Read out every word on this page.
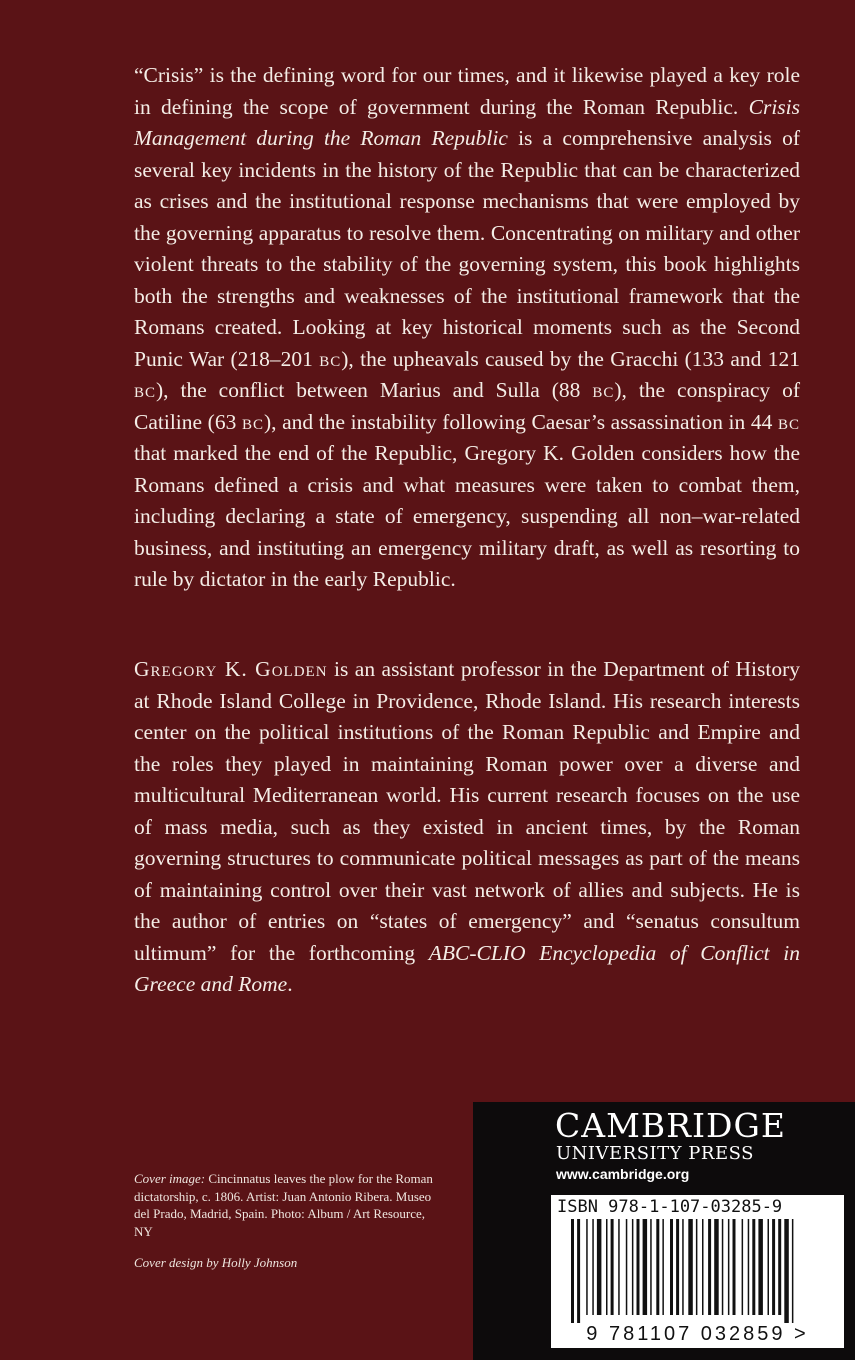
“Crisis” is the defining word for our times, and it likewise played a key role in defining the scope of government during the Roman Republic. Crisis Management during the Roman Republic is a comprehensive analysis of several key incidents in the history of the Republic that can be characterized as crises and the institutional response mechanisms that were employed by the governing apparatus to resolve them. Concentrating on military and other violent threats to the stability of the governing system, this book highlights both the strengths and weaknesses of the institutional framework that the Romans created. Looking at key historical moments such as the Second Punic War (218–201 bc), the upheavals caused by the Gracchi (133 and 121 bc), the conflict between Marius and Sulla (88 bc), the conspiracy of Catiline (63 bc), and the instability following Caesar’s assassination in 44 bc that marked the end of the Republic, Gregory K. Golden considers how the Romans defined a crisis and what measures were taken to combat them, including declaring a state of emergency, suspending all non–war-related business, and instituting an emergency military draft, as well as resorting to rule by dictator in the early Republic.

Gregory K. Golden is an assistant professor in the Department of History at Rhode Island College in Providence, Rhode Island. His research interests center on the political institutions of the Roman Republic and Empire and the roles they played in maintaining Roman power over a diverse and multicultural Mediterranean world. His current research focuses on the use of mass media, such as they existed in ancient times, by the Roman governing structures to communicate political messages as part of the means of maintaining control over their vast network of allies and subjects. He is the author of entries on “states of emergency” and “senatus consultum ultimum” for the forthcoming ABC-CLIO Encyclopedia of Conflict in Greece and Rome.

Cover image: Cincinnatus leaves the plow for the Roman dictatorship, c. 1806. Artist: Juan Antonio Ribera. Museo del Prado, Madrid, Spain. Photo: Album / Art Resource, NY

Cover design by Holly Johnson

CAMBRIDGE
UNIVERSITY PRESS
www.cambridge.org
ISBN 978-1-107-03285-9
9 781107 032859 >
